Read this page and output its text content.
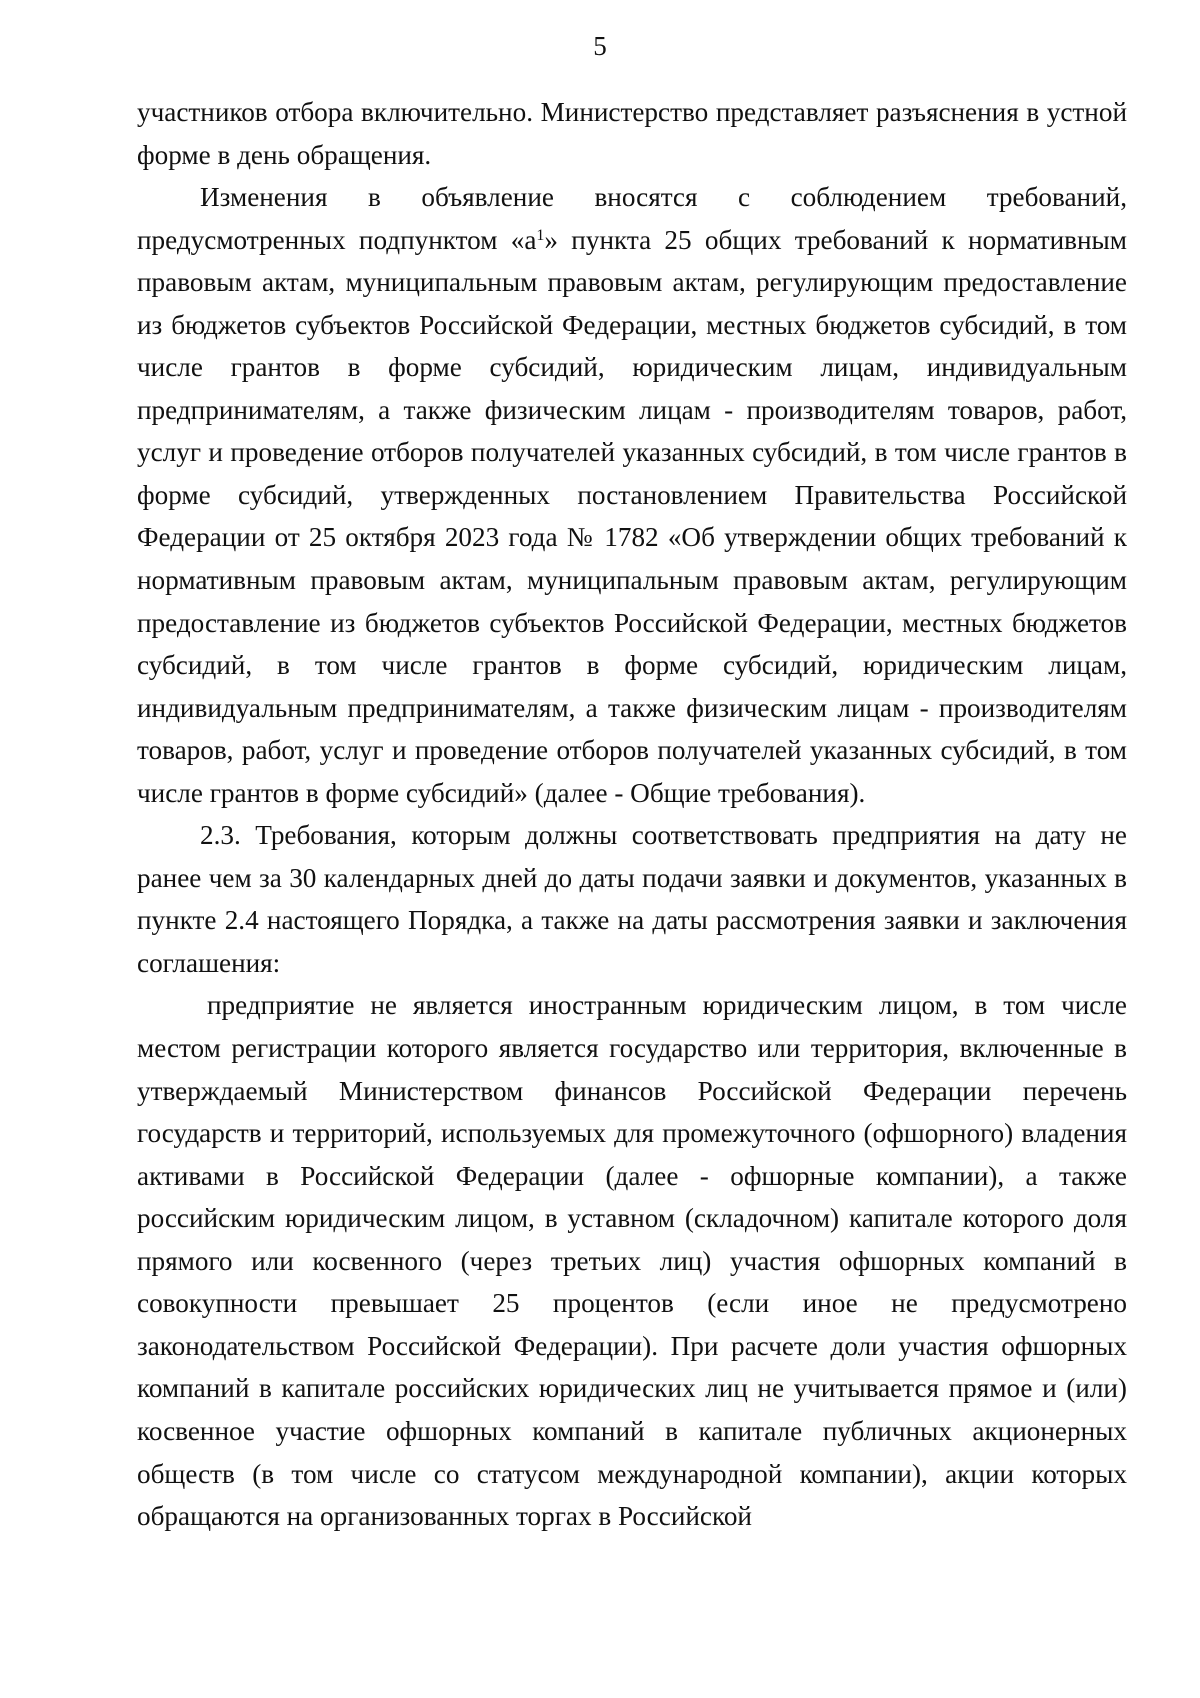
5

участников отбора включительно. Министерство представляет разъяснения в устной форме в день обращения.

Изменения в объявление вносятся с соблюдением требований, предусмотренных подпунктом «$а^1$» пункта 25 общих требований к нормативным правовым актам, муниципальным правовым актам, регулирующим предоставление из бюджетов субъектов Российской Федерации, местных бюджетов субсидий, в том числе грантов в форме субсидий, юридическим лицам, индивидуальным предпринимателям, а также физическим лицам - производителям товаров, работ, услуг и проведение отборов получателей указанных субсидий, в том числе грантов в форме субсидий, утвержденных постановлением Правительства Российской Федерации от 25 октября 2023 года № 1782 «Об утверждении общих требований к нормативным правовым актам, муниципальным правовым актам, регулирующим предоставление из бюджетов субъектов Российской Федерации, местных бюджетов субсидий, в том числе грантов в форме субсидий, юридическим лицам, индивидуальным предпринимателям, а также физическим лицам - производителям товаров, работ, услуг и проведение отборов получателей указанных субсидий, в том числе грантов в форме субсидий» (далее - Общие требования).

2.3. Требования, которым должны соответствовать предприятия на дату не ранее чем за 30 календарных дней до даты подачи заявки и документов, указанных в пункте 2.4 настоящего Порядка, а также на даты рассмотрения заявки и заключения соглашения:

предприятие не является иностранным юридическим лицом, в том числе местом регистрации которого является государство или территория, включенные в утверждаемый Министерством финансов Российской Федерации перечень государств и территорий, используемых для промежуточного (офшорного) владения активами в Российской Федерации (далее - офшорные компании), а также российским юридическим лицом, в уставном (складочном) капитале которого доля прямого или косвенного (через третьих лиц) участия офшорных компаний в совокупности превышает 25 процентов (если иное не предусмотрено законодательством Российской Федерации). При расчете доли участия офшорных компаний в капитале российских юридических лиц не учитывается прямое и (или) косвенное участие офшорных компаний в капитале публичных акционерных обществ (в том числе со статусом международной компании), акции которых обращаются на организованных торгах в Российской
